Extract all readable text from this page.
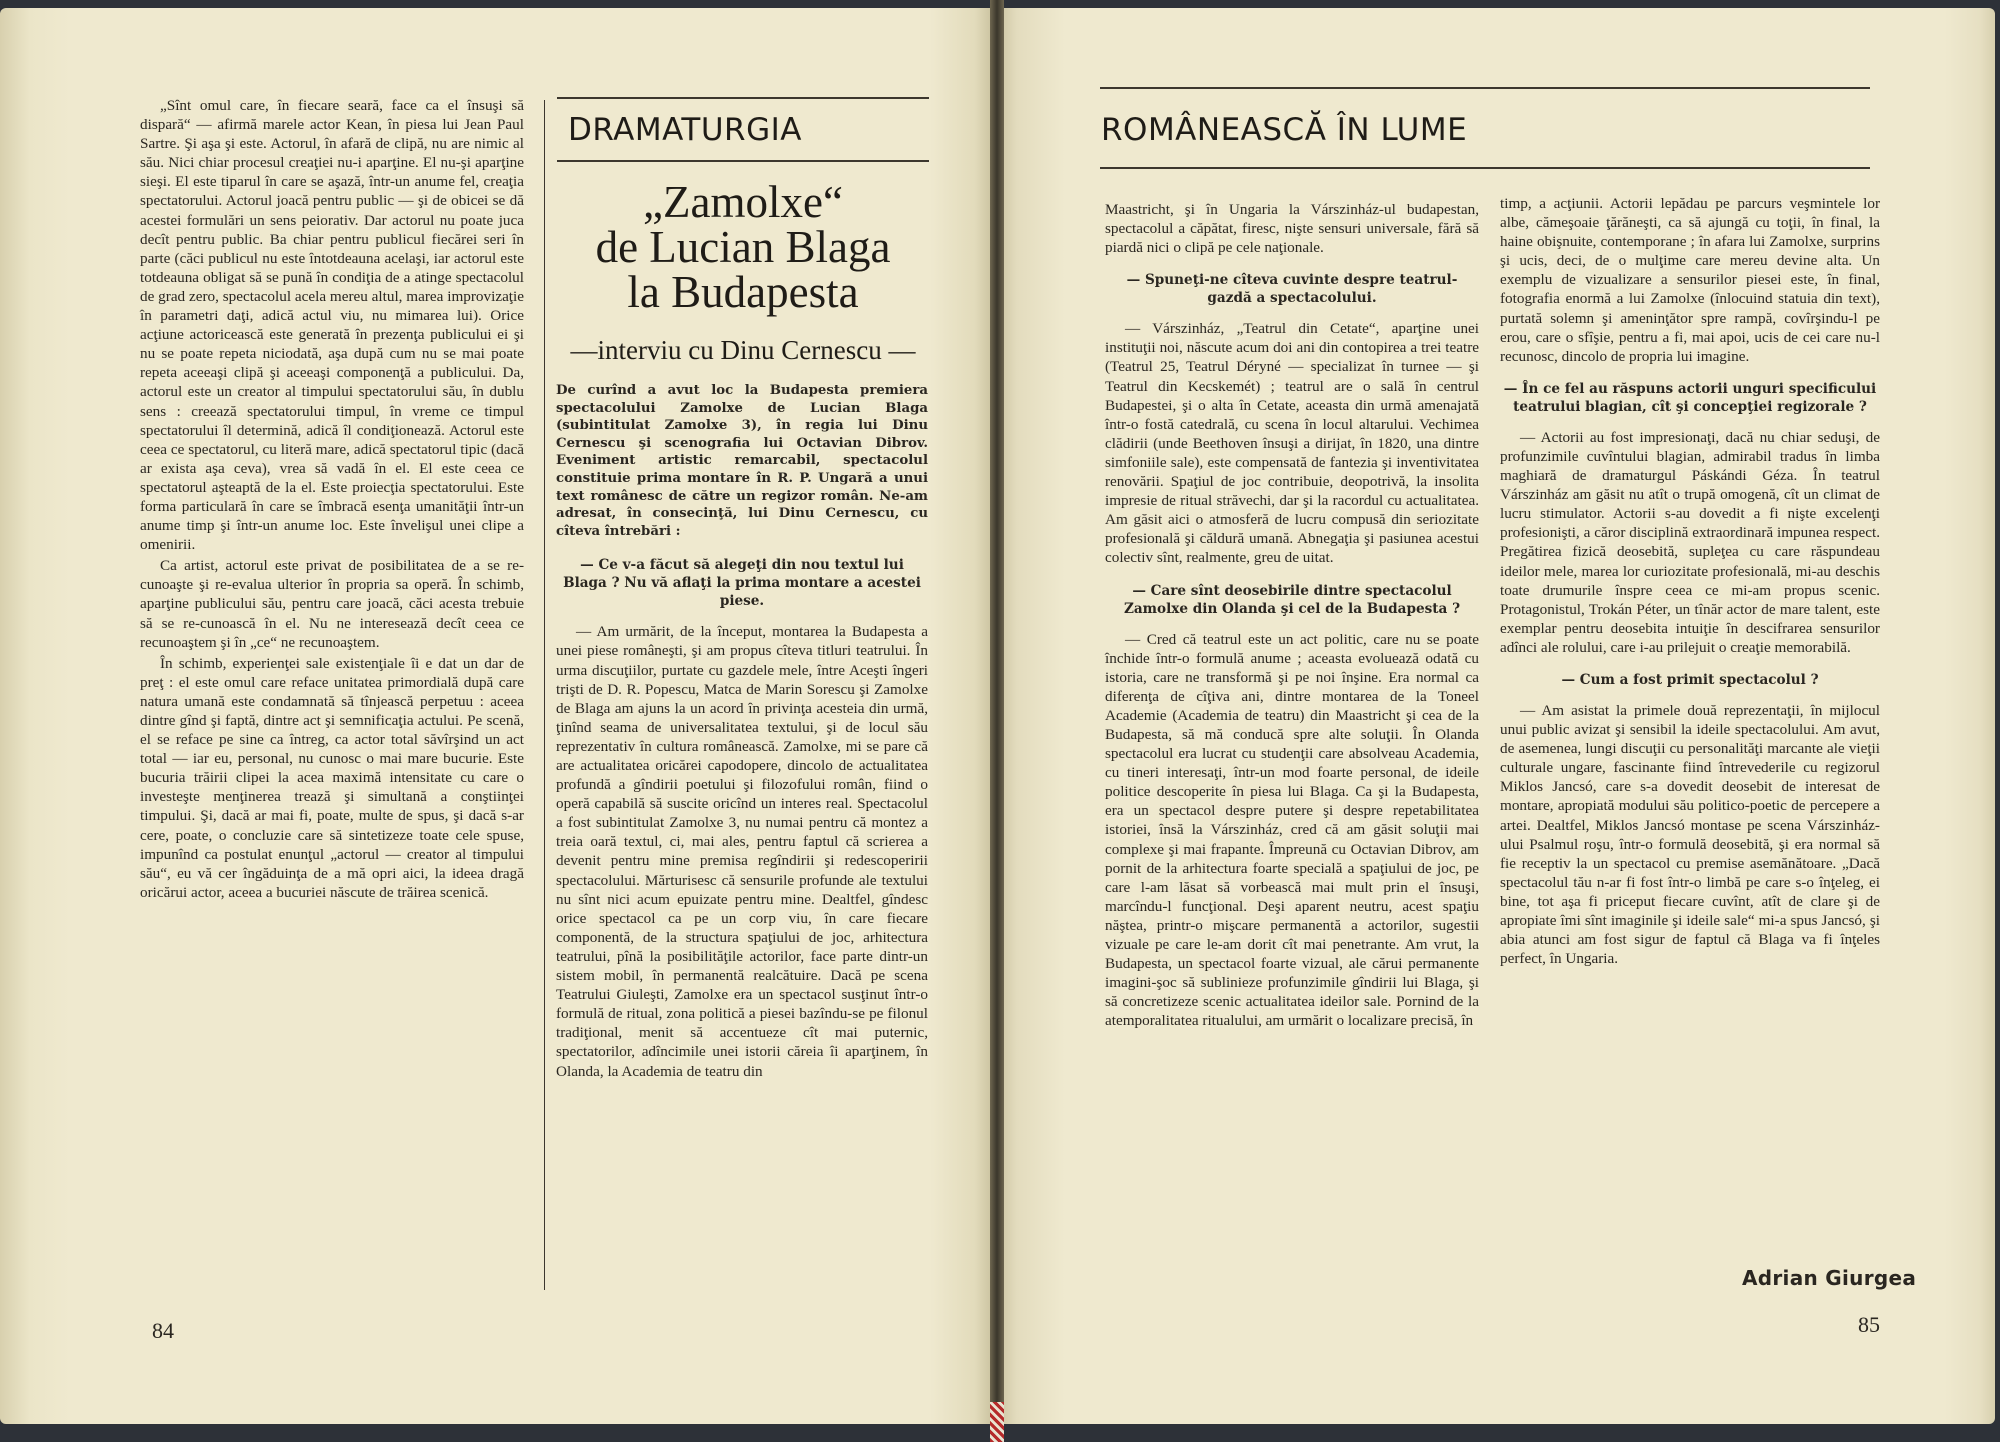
„Sînt omul care, în fiecare seară, face ca el însuşi să dispară“ — afirmă marele actor Kean, în piesa lui Jean Paul Sartre. Şi aşa şi este. Actorul, în afară de clipă, nu are nimic al său. Nici chiar procesul creaţiei nu-i aparţine. El nu-şi aparţine sieşi. El este tiparul în care se aşază, într-un anume fel, creaţia spectatorului. Actorul joacă pentru public — şi de obicei se dă acestei formulări un sens peiorativ. Dar actorul nu poate juca decît pentru public. Ba chiar pentru publicul fiecărei seri în parte (căci publicul nu este întotdeauna acelaşi, iar actorul este totdeauna obligat să se pună în condiţia de a atinge spectacolul de grad zero, spectacolul acela mereu altul, marea improvizaţie în parametri daţi, adică actul viu, nu mimarea lui). Orice acţiune actoricească este generată în prezenţa publicului ei şi nu se poate repeta niciodată, aşa după cum nu se mai poate repeta aceeaşi clipă şi aceeaşi componenţă a publicului. Da, actorul este un creator al timpului spectatorului său, în dublu sens : creează spectatorului timpul, în vreme ce timpul spectatorului îl determină, adică îl condiţionează. Actorul este ceea ce spectatorul, cu literă mare, adică spectatorul tipic (dacă ar exista aşa ceva), vrea să vadă în el. El este ceea ce spectatorul aşteaptă de la el. Este proiecţia spectatorului. Este forma particulară în care se îmbracă esenţa umanităţii într-un anume timp şi într-un anume loc. Este învelişul unei clipe a omenirii.

Ca artist, actorul este privat de posibilitatea de a se re-cunoaşte şi re-evalua ulterior în propria sa operă. În schimb, aparţine publicului său, pentru care joacă, căci acesta trebuie să se re-cunoască în el. Nu ne interesează decît ceea ce recunoaştem şi în „ce“ ne recunoaştem.

În schimb, experienţei sale existenţiale îi e dat un dar de preţ : el este omul care reface unitatea primordială după care natura umană este condamnată să tînjească perpetuu : aceea dintre gînd şi faptă, dintre act şi semnificaţia actului. Pe scenă, el se reface pe sine ca întreg, ca actor total săvîrşind un act total — iar eu, personal, nu cunosc o mai mare bucurie. Este bucuria trăirii clipei la acea maximă intensitate cu care o investeşte menţinerea trează şi simultană a conştiinţei timpului. Şi, dacă ar mai fi, poate, multe de spus, şi dacă s-ar cere, poate, o concluzie care să sintetizeze toate cele spuse, impunînd ca postulat enunţul „actorul — creator al timpului său“, eu vă cer îngăduinţa de a mă opri aici, la ideea dragă oricărui actor, aceea a bucuriei născute de trăirea scenică.

DRAMATURGIA
„Zamolxe“
de Lucian Blaga
la Budapesta
—interviu cu Dinu Cernescu —

De curînd a avut loc la Budapesta premiera spectacolului Zamolxe de Lucian Blaga (subintitulat Zamolxe 3), în regia lui Dinu Cernescu şi scenografia lui Octavian Dibrov. Eveniment artistic remarcabil, spectacolul constituie prima montare în R. P. Ungară a unui text românesc de către un regizor român. Ne-am adresat, în consecinţă, lui Dinu Cernescu, cu cîteva întrebări :

— Ce v-a făcut să alegeţi din nou textul lui Blaga ? Nu vă aflaţi la prima montare a acestei piese.

— Am urmărit, de la început, montarea la Budapesta a unei piese româneşti, şi am propus cîteva titluri teatrului. În urma discuţiilor, purtate cu gazdele mele, între Aceşti îngeri trişti de D. R. Popescu, Matca de Marin Sorescu şi Zamolxe de Blaga am ajuns la un acord în privinţa acesteia din urmă, ţinînd seama de universalitatea textului, şi de locul său reprezentativ în cultura românească. Zamolxe, mi se pare că are actualitatea oricărei capodopere, dincolo de actualitatea profundă a gîndirii poetului şi filozofului român, fiind o operă capabilă să suscite oricînd un interes real. Spectacolul a fost subintitulat Zamolxe 3, nu numai pentru că montez a treia oară textul, ci, mai ales, pentru faptul că scrierea a devenit pentru mine premisa regîndirii şi redescoperirii spectacolului. Mărturisesc că sensurile profunde ale textului nu sînt nici acum epuizate pentru mine. Dealtfel, gîndesc orice spectacol ca pe un corp viu, în care fiecare componentă, de la structura spaţiului de joc, arhitectura teatrului, pînă la posibilităţile actorilor, face parte dintr-un sistem mobil, în permanentă realcătuire. Dacă pe scena Teatrului Giuleşti, Zamolxe era un spectacol susţinut într-o formulă de ritual, zona politică a piesei bazîndu-se pe filonul tradiţional, menit să accentueze cît mai puternic, spectatorilor, adîncimile unei istorii căreia îi aparţinem, în Olanda, la Academia de teatru din

84
ROMÂNEASCĂ ÎN LUME

Maastricht, şi în Ungaria la Várszinház-ul budapestan, spectacolul a căpătat, firesc, nişte sensuri universale, fără să piardă nici o clipă pe cele naţionale.

— Spuneţi-ne cîteva cuvinte despre teatrul-gazdă a spectacolului.

— Várszinház, „Teatrul din Cetate“, aparţine unei instituţii noi, născute acum doi ani din contopirea a trei teatre (Teatrul 25, Teatrul Déryné — specializat în turnee — şi Teatrul din Kecskemét) ; teatrul are o sală în centrul Budapestei, şi o alta în Cetate, aceasta din urmă amenajată într-o fostă catedrală, cu scena în locul altarului. Vechimea clădirii (unde Beethoven însuşi a dirijat, în 1820, una dintre simfoniile sale), este compensată de fantezia şi inventivitatea renovării. Spaţiul de joc contribuie, deopotrivă, la insolita impresie de ritual străvechi, dar şi la racordul cu actualitatea. Am găsit aici o atmosferă de lucru compusă din seriozitate profesională şi căldură umană. Abnegaţia şi pasiunea acestui colectiv sînt, realmente, greu de uitat.

— Care sînt deosebirile dintre spectacolul Zamolxe din Olanda şi cel de la Budapesta ?

— Cred că teatrul este un act politic, care nu se poate închide într-o formulă anume ; aceasta evoluează odată cu istoria, care ne transformă şi pe noi înşine. Era normal ca diferenţa de cîţiva ani, dintre montarea de la Toneel Academie (Academia de teatru) din Maastricht şi cea de la Budapesta, să mă conducă spre alte soluţii. În Olanda spectacolul era lucrat cu studenţii care absolveau Academia, cu tineri interesaţi, într-un mod foarte personal, de ideile politice descoperite în piesa lui Blaga. Ca şi la Budapesta, era un spectacol despre putere şi despre repetabilitatea istoriei, însă la Várszinház, cred că am găsit soluţii mai complexe şi mai frapante. Împreună cu Octavian Dibrov, am pornit de la arhitectura foarte specială a spaţiului de joc, pe care l-am lăsat să vorbească mai mult prin el însuşi, marcîndu-l funcţional. Deşi aparent neutru, acest spaţiu năştea, printr-o mişcare permanentă a actorilor, sugestii vizuale pe care le-am dorit cît mai penetrante. Am vrut, la Budapesta, un spectacol foarte vizual, ale cărui permanente imagini-şoc să sublinieze profunzimile gîndirii lui Blaga, şi să concretizeze scenic actualitatea ideilor sale. Pornind de la atemporalitatea ritualului, am urmărit o localizare precisă, în

timp, a acţiunii. Actorii lepădau pe parcurs veşmintele lor albe, cămeşoaie ţărăneşti, ca să ajungă cu toţii, în final, la haine obişnuite, contemporane ; în afara lui Zamolxe, surprins şi ucis, deci, de o mulţime care mereu devine alta. Un exemplu de vizualizare a sensurilor piesei este, în final, fotografia enormă a lui Zamolxe (înlocuind statuia din text), purtată solemn şi ameninţător spre rampă, covîrşindu-l pe erou, care o sfîşie, pentru a fi, mai apoi, ucis de cei care nu-l recunosc, dincolo de propria lui imagine.

— În ce fel au răspuns actorii unguri specificului teatrului blagian, cît şi concepţiei regizorale ?

— Actorii au fost impresionaţi, dacă nu chiar seduşi, de profunzimile cuvîntului blagian, admirabil tradus în limba maghiară de dramaturgul Páskándi Géza. În teatrul Várszinház am găsit nu atît o trupă omogenă, cît un climat de lucru stimulator. Actorii s-au dovedit a fi nişte excelenţi profesionişti, a căror disciplină extraordinară impunea respect. Pregătirea fizică deosebită, supleţea cu care răspundeau ideilor mele, marea lor curiozitate profesională, mi-au deschis toate drumurile înspre ceea ce mi-am propus scenic. Protagonistul, Trokán Péter, un tînăr actor de mare talent, este exemplar pentru deosebita intuiţie în descifrarea sensurilor adînci ale rolului, care i-au prilejuit o creaţie memorabilă.

— Cum a fost primit spectacolul ?

— Am asistat la primele două reprezentaţii, în mijlocul unui public avizat şi sensibil la ideile spectacolului. Am avut, de asemenea, lungi discuţii cu personalităţi marcante ale vieţii culturale ungare, fascinante fiind întrevederile cu regizorul Miklos Jancsó, care s-a dovedit deosebit de interesat de montare, apropiată modului său politico-poetic de percepere a artei. Dealtfel, Miklos Jancsó montase pe scena Várszinház-ului Psalmul roşu, într-o formulă deosebită, şi era normal să fie receptiv la un spectacol cu premise asemănătoare. „Dacă spectacolul tău n-ar fi fost într-o limbă pe care s-o înţeleg, ei bine, tot aşa fi priceput fiecare cuvînt, atît de clare şi de apropiate îmi sînt imaginile şi ideile sale“ mi-a spus Jancsó, şi abia atunci am fost sigur de faptul că Blaga va fi înţeles perfect, în Ungaria.

Adrian Giurgea
85
